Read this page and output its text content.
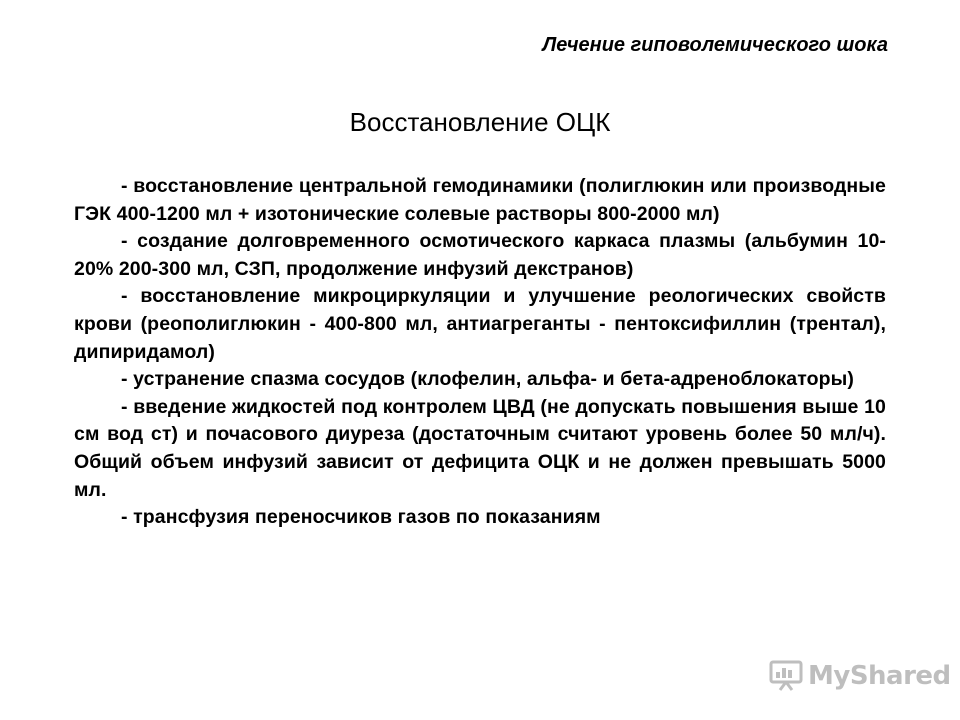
Лечение гиповолемического шока
Восстановление ОЦК

- восстановление центральной гемодинамики (полиглюкин или производные ГЭК 400-1200 мл + изотонические солевые растворы 800-2000 мл)

- создание долговременного осмотического каркаса плазмы (альбумин 10-20% 200-300 мл, СЗП, продолжение инфузий декстранов)

- восстановление микроциркуляции и улучшение реологических свойств крови (реополиглюкин - 400-800 мл, антиагреганты - пентоксифиллин (трентал), дипиридамол)

- устранение спазма сосудов (клофелин, альфа- и бета-адреноблокаторы)

- введение жидкостей под контролем ЦВД (не допускать повышения выше 10 см вод ст) и почасового диуреза (достаточным считают уровень более 50 мл/ч). Общий объем инфузий зависит от дефицита ОЦК и не должен превышать 5000 мл.

- трансфузия переносчиков газов по показаниям

MyShared
